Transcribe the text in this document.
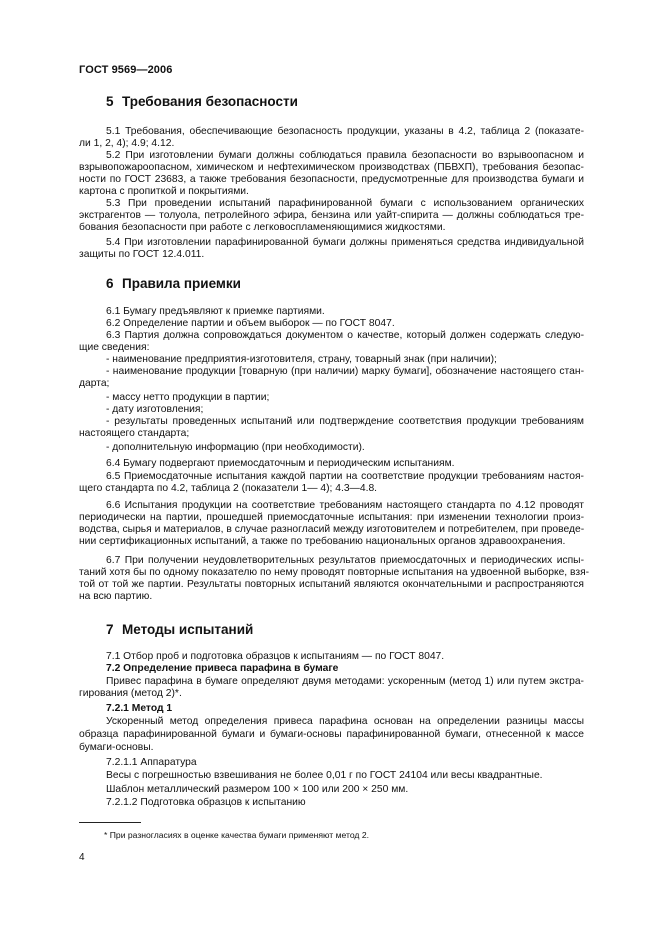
ГОСТ 9569—2006
5 Требования безопасности
5.1 Требования, обеспечивающие безопасность продукции, указаны в 4.2, таблица 2 (показате-
ли 1, 2, 4); 4.9; 4.12.
5.2 При изготовлении бумаги должны соблюдаться правила безопасности во взрывоопасном и
взрывопожароопасном, химическом и нефтехимическом производствах (ПБВХП), требования безопас-
ности по ГОСТ 23683, а также требования безопасности, предусмотренные для производства бумаги и
картона с пропиткой и покрытиями.
5.3 При проведении испытаний парафинированной бумаги с использованием органических
экстрагентов — толуола, петролейного эфира, бензина или уайт-спирита — должны соблюдаться тре-
бования безопасности при работе с легковоспламеняющимися жидкостями.
5.4 При изготовлении парафинированной бумаги должны применяться средства индивидуальной
защиты по ГОСТ 12.4.011.
6 Правила приемки
6.1 Бумагу предъявляют к приемке партиями.
6.2 Определение партии и объем выборок — по ГОСТ 8047.
6.3 Партия должна сопровождаться документом о качестве, который должен содержать следую-
щие сведения:
- наименование предприятия-изготовителя, страну, товарный знак (при наличии);
- наименование продукции [товарную (при наличии) марку бумаги], обозначение настоящего стан-
дарта;
- массу нетто продукции в партии;
- дату изготовления;
- результаты проведенных испытаний или подтверждение соответствия продукции требованиям
настоящего стандарта;
- дополнительную информацию (при необходимости).
6.4 Бумагу подвергают приемосдаточным и периодическим испытаниям.
6.5 Приемосдаточные испытания каждой партии на соответствие продукции требованиям настоя-
щего стандарта по 4.2, таблица 2 (показатели 1— 4); 4.3—4.8.
6.6 Испытания продукции на соответствие требованиям настоящего стандарта по 4.12 проводят
периодически на партии, прошедшей приемосдаточные испытания: при изменении технологии произ-
водства, сырья и материалов, в случае разногласий между изготовителем и потребителем, при проведе-
нии сертификационных испытаний, а также по требованию национальных органов здравоохранения.
6.7 При получении неудовлетворительных результатов приемосдаточных и периодических испы-
таний хотя бы по одному показателю по нему проводят повторные испытания на удвоенной выборке, взя-
той от той же партии. Результаты повторных испытаний являются окончательными и распространяются
на всю партию.
7 Методы испытаний
7.1 Отбор проб и подготовка образцов к испытаниям — по ГОСТ 8047.
7.2 Определение привеса парафина в бумаге
Привес парафина в бумаге определяют двумя методами: ускоренным (метод 1) или путем экстра-
гирования (метод 2)*.
7.2.1 Метод 1
Ускоренный метод определения привеса парафина основан на определении разницы массы
образца парафинированной бумаги и бумаги-основы парафинированной бумаги, отнесенной к массе
бумаги-основы.
7.2.1.1 Аппаратура
Весы с погрешностью взвешивания не более 0,01 г по ГОСТ 24104 или весы квадрантные.
Шаблон металлический размером 100 × 100 или 200 × 250 мм.
7.2.1.2 Подготовка образцов к испытанию
* При разногласиях в оценке качества бумаги применяют метод 2.
4
